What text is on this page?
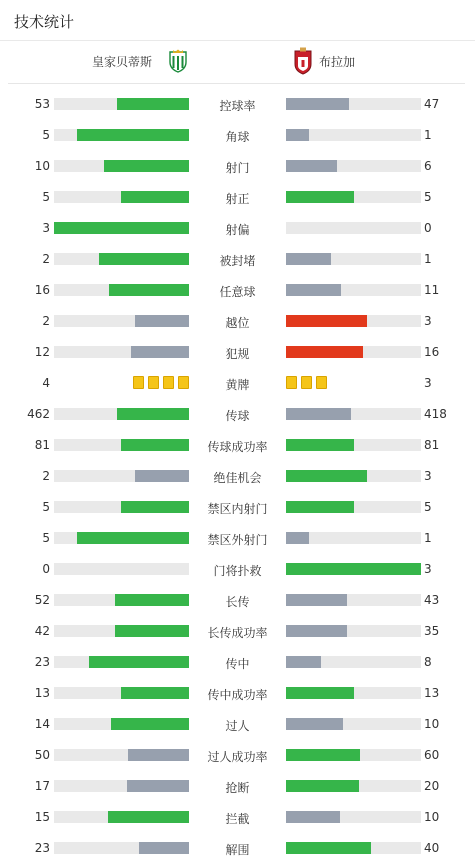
技术统计
皇家贝蒂斯	布拉加
53	控球率	47
5	角球	1
10	射门	6
5	射正	5
3	射偏	0
2	被封堵	1
16	任意球	11
2	越位	3
12	犯规	16
4	黄牌	3
462	传球	418
81	传球成功率	81
2	绝佳机会	3
5	禁区内射门	5
5	禁区外射门	1
0	门将扑救	3
52	长传	43
42	长传成功率	35
23	传中	8
13	传中成功率	13
14	过人	10
50	过人成功率	60
17	抢断	20
15	拦截	10
23	解围	40
